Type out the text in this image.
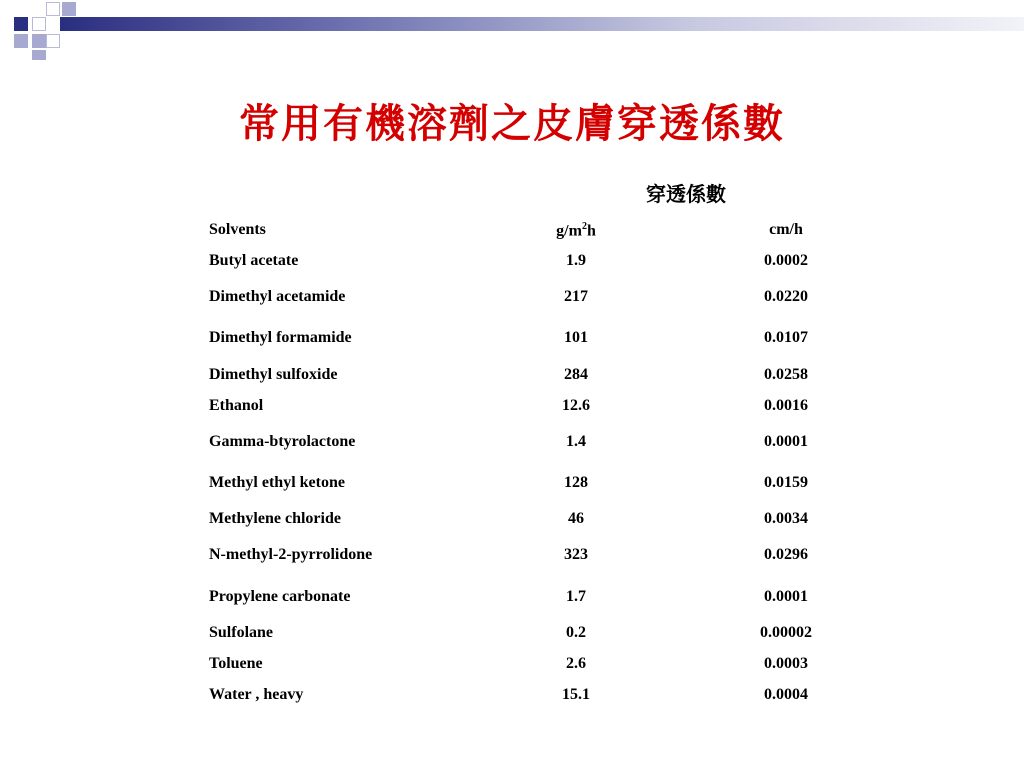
常用有機溶劑之皮膚穿透係數
穿透係數
Solvents	$g/m^2h$	cm/h
Butyl acetate	1.9	0.0002
Dimethyl acetamide	217	0.0220
Dimethyl formamide	101	0.0107
Dimethyl sulfoxide	284	0.0258
Ethanol	12.6	0.0016
Gamma-btyrolactone	1.4	0.0001
Methyl ethyl ketone	128	0.0159
Methylene chloride	46	0.0034
N-methyl-2-pyrrolidone	323	0.0296
Propylene carbonate	1.7	0.0001
Sulfolane	0.2	0.00002
Toluene	2.6	0.0003
Water , heavy	15.1	0.0004
